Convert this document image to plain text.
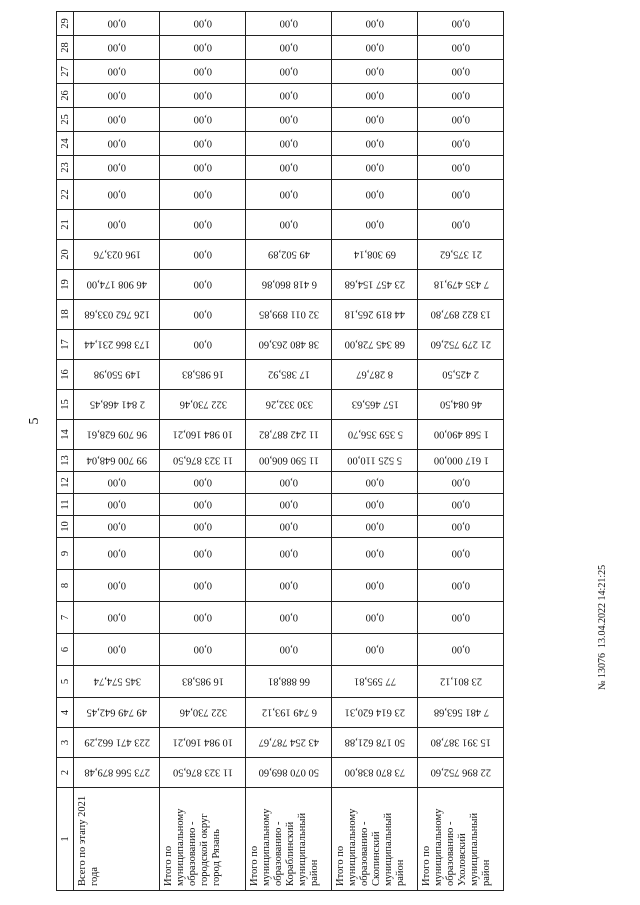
5
1	2	3	4	5	6	7	8	9	10	11	12	13	14	15	16	17	18	19	20	21	22	23	24	25	26	27	28	29
Всего по этапу 2021 года	273 566 879,48	223 471 662,29	49 749 642,45	345 574,74	0,00	0,00	0,00	0,00	0,00	0,00	0,00	99 700 648,04	96 709 628,61	2 841 468,45	149 550,98	173 866 231,44	126 762 033,68	46 908 174,00	196 023,76	0,00	0,00	0,00	0,00	0,00	0,00	0,00	0,00	0,00
Итого по муниципальному образованию - городской округ город Рязань	11 323 876,50	10 984 160,21	322 730,46	16 985,83	0,00	0,00	0,00	0,00	0,00	0,00	0,00	11 323 876,50	10 984 160,21	322 730,46	16 985,83	0,00	0,00	0,00	0,00	0,00	0,00	0,00	0,00	0,00	0,00	0,00	0,00	0,00
Итого по муниципальному образованию - Кораблинский муниципальный район	50 070 869,60	43 254 787,67	6 749 193,12	66 888,81	0,00	0,00	0,00	0,00	0,00	0,00	0,00	11 590 606,00	11 242 887,82	330 332,26	17 385,92	38 480 263,60	32 011 899,85	6 418 860,86	49 502,89	0,00	0,00	0,00	0,00	0,00	0,00	0,00	0,00	0,00
Итого по муниципальному образованию - Скопинский муниципальный район	73 870 838,00	50 178 621,88	23 614 620,31	77 595,81	0,00	0,00	0,00	0,00	0,00	0,00	0,00	5 525 110,00	5 359 356,70	157 465,63	8 287,67	68 345 728,00	44 819 265,18	23 457 154,68	69 308,14	0,00	0,00	0,00	0,00	0,00	0,00	0,00	0,00	0,00
Итого по муниципальному образованию - Ухоловский муниципальный район	22 896 752,60	15 391 387,80	7 481 563,68	23 801,12	0,00	0,00	0,00	0,00	0,00	0,00	0,00	1 617 000,00	1 568 490,00	46 084,50	2 425,50	21 279 752,60	13 822 897,80	7 435 479,18	21 375,62	0,00	0,00	0,00	0,00	0,00	0,00	0,00	0,00	0,00
№ 13076  13.04.2022 14:21:25
